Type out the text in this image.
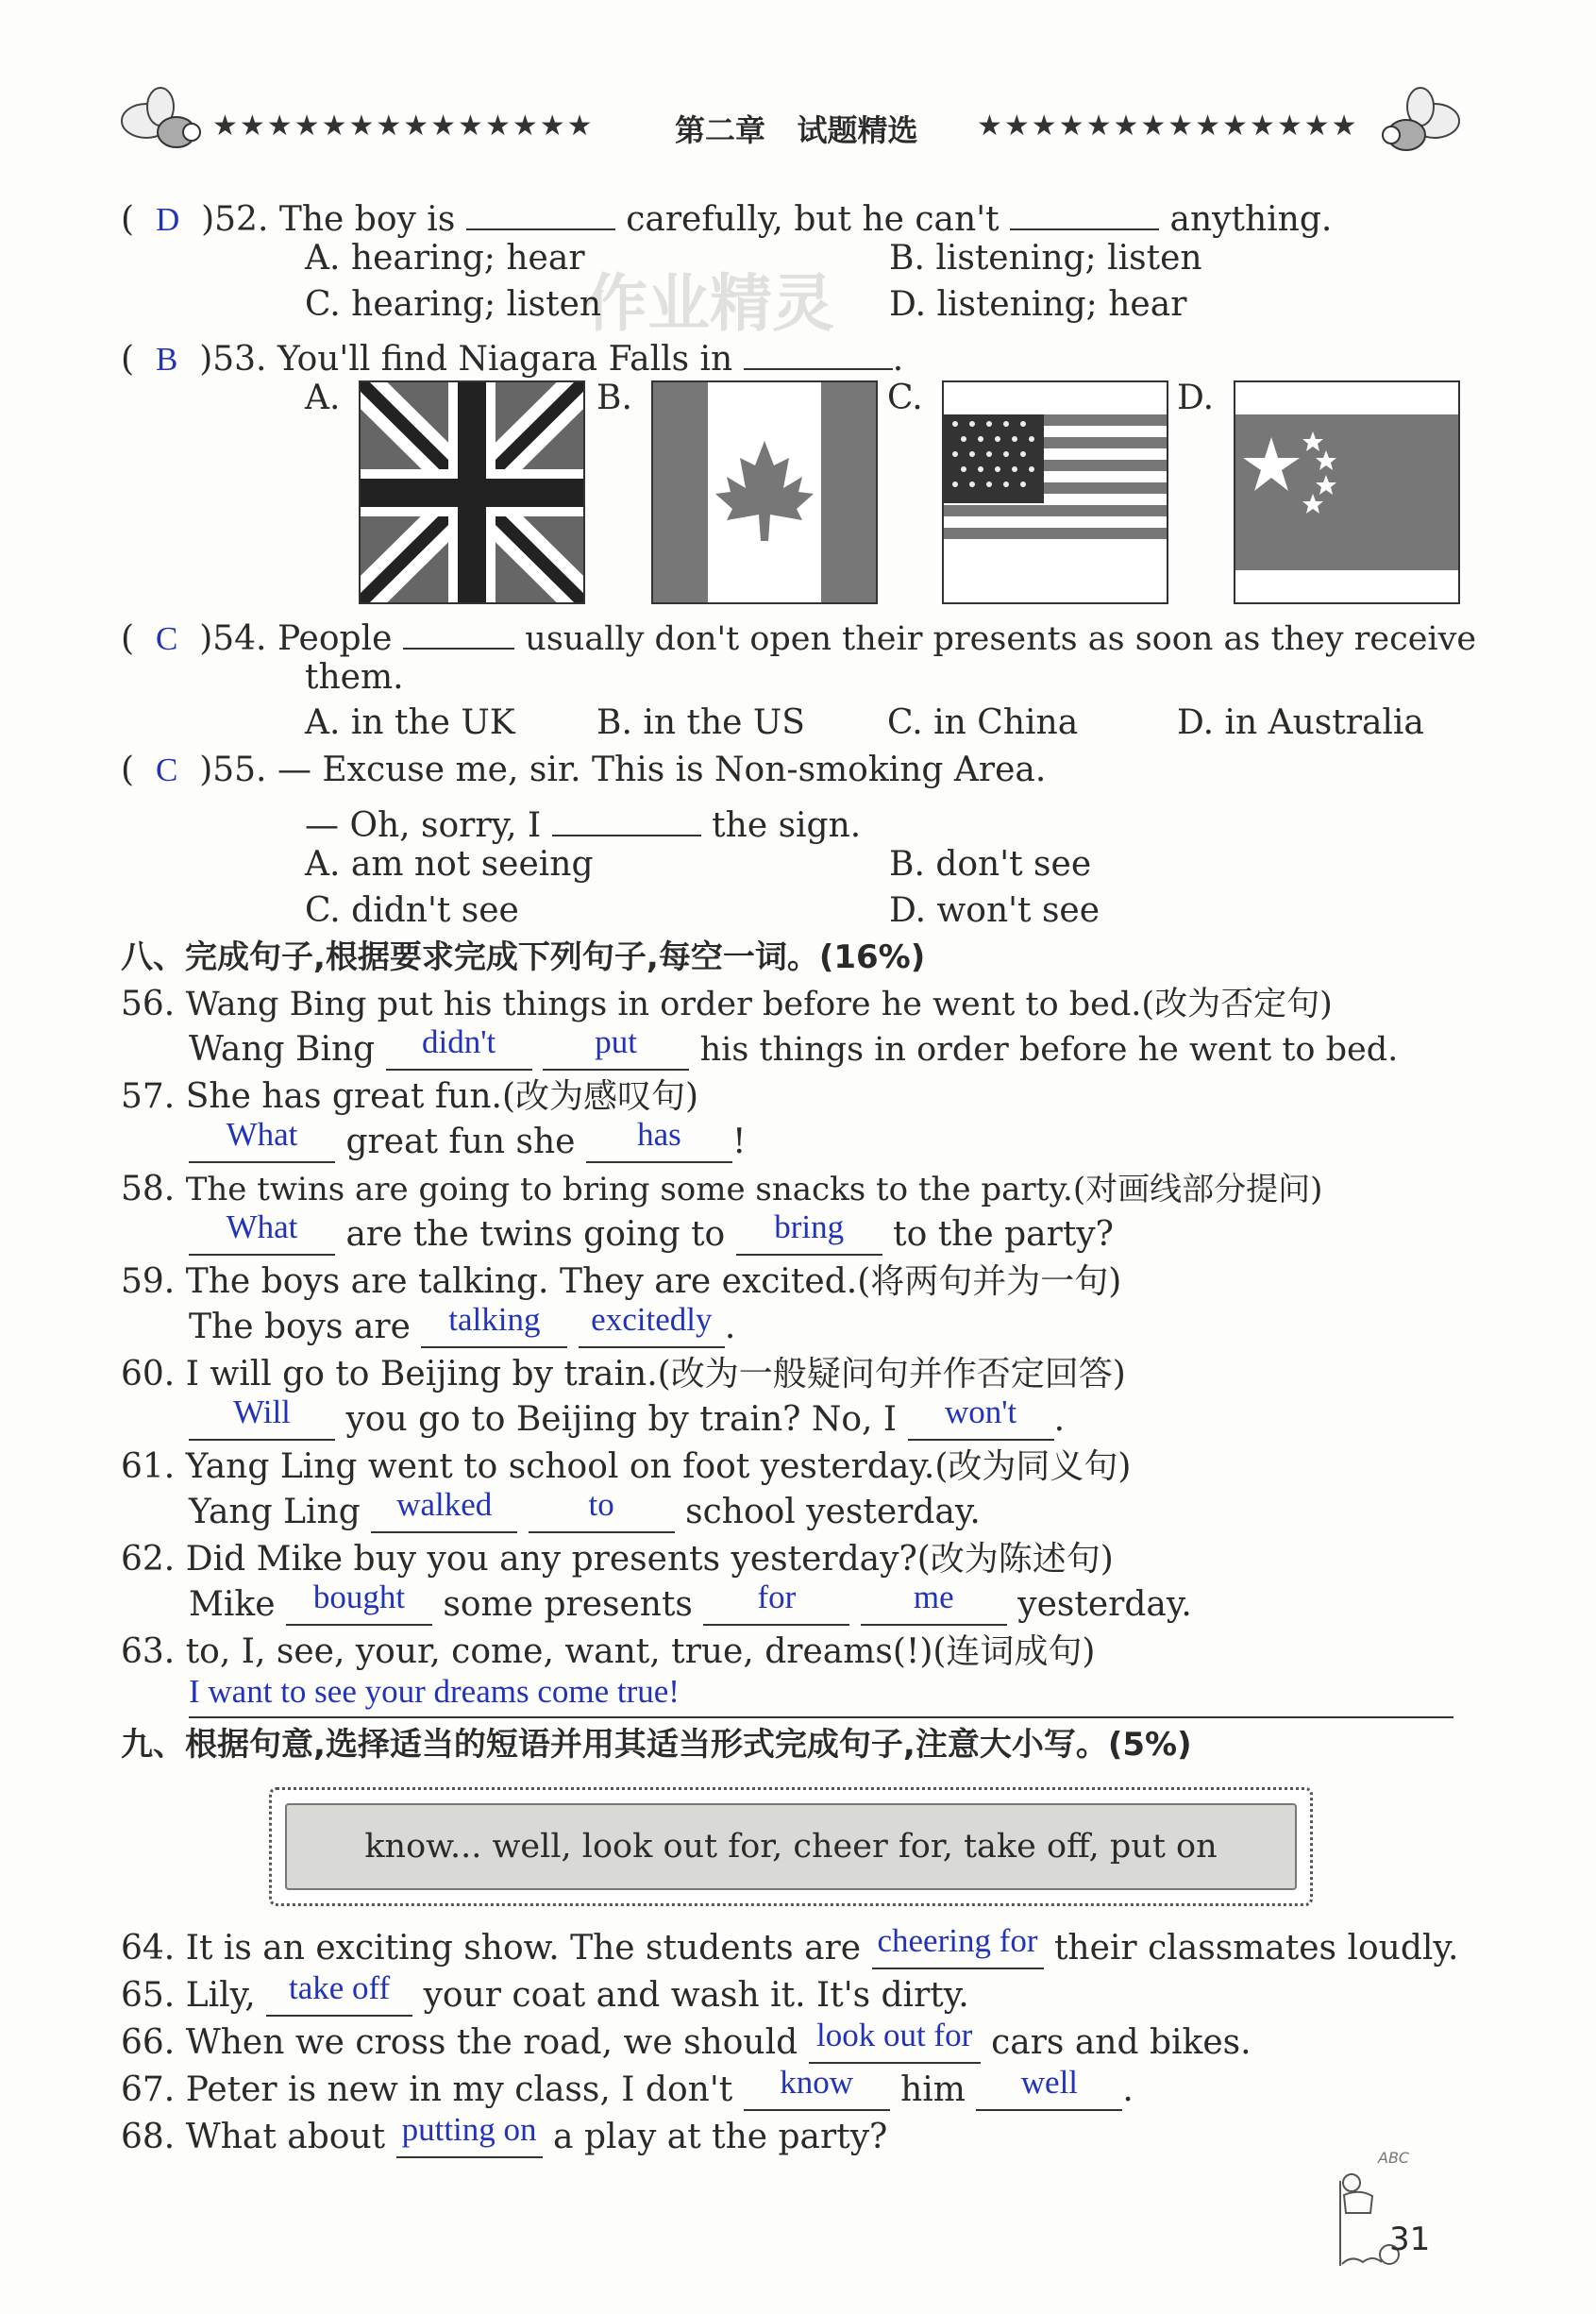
★★★★★★★★★★★★★★	第二章 试题精选 ★★★★★★★★★★★★★★
作业精灵
(  D )52. The boy is	carefully, but he can't	anything.
A. hearing; hear	B. listening; listen
C. hearing; listen	D. listening; hear
(  B )53. You'll find Niagara Falls in	.
A.	B.	C.	D.
(  C )54. People	usually don't open their presents as soon as they receive
them.
A. in the UK B. in the US C. in China	D. in Australia
(  C )55. — Excuse me, sir. This is Non-smoking Area.
— Oh, sorry, I	the sign.
A. am not seeing	B. don't see
C. didn't see	D. won't see
八、完成句子,根据要求完成下列句子,每空一词。(16%)
56. Wang Bing put his things in order before he went to bed.(改为否定句)
Wang Bing didn't	put his things in order before he went to bed.
57. She has great fun.(改为感叹句)
What great fun she has !
58. The twins are going to bring some snacks to the party.(对画线部分提问)
What are the twins going to bring to the party?
59. The boys are talking. They are excited.(将两句并为一句)
The boys are talking excitedly .
60. I will go to Beijing by train.(改为一般疑问句并作否定回答)
Will you go to Beijing by train? No, I won't .
61. Yang Ling went to school on foot yesterday.(改为同义句)
Yang Ling walked	to school yesterday.
62. Did Mike buy you any presents yesterday?(改为陈述句)
Mike bought some presents for	me yesterday.
63. to, I, see, your, come, want, true, dreams(!)(连词成句)
I want to see your dreams come true!
九、根据句意,选择适当的短语并用其适当形式完成句子,注意大小写。(5%)
know... well, look out for, cheer for, take off, put on
64. It is an exciting show. The students are cheering for their classmates loudly.
65. Lily, take off your coat and wash it. It's dirty.
66. When we cross the road, we should look out for cars and bikes.
67. Peter is new in my class, I don't know him well .
68. What about putting on a play at the party?
ABC
31
